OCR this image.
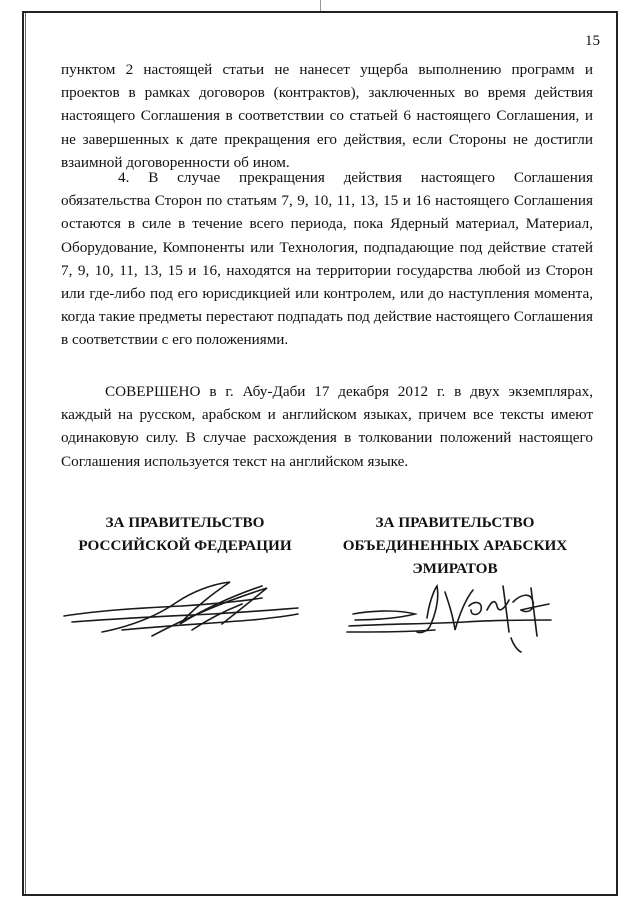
15
пунктом 2 настоящей статьи не нанесет ущерба выполнению программ и проектов в рамках договоров (контрактов), заключенных во время действия настоящего Соглашения в соответствии со статьей 6 настоящего Соглашения, и не завершенных к дате прекращения его действия, если Стороны не достигли взаимной договоренности об ином.
4. В случае прекращения действия настоящего Соглашения обязательства Сторон по статьям 7, 9, 10, 11, 13, 15 и 16 настоящего Соглашения остаются в силе в течение всего периода, пока Ядерный материал, Материал, Оборудование, Компоненты или Технология, подпадающие под действие статей 7, 9, 10, 11, 13, 15 и 16, находятся на территории государства любой из Сторон или где-либо под его юрисдикцией или контролем, или до наступления момента, когда такие предметы перестают подпадать под действие настоящего Соглашения в соответствии с его положениями.
СОВЕРШЕНО в г. Абу-Даби 17 декабря 2012 г. в двух экземплярах, каждый на русском, арабском и английском языках, причем все тексты имеют одинаковую силу. В случае расхождения в толковании положений настоящего Соглашения используется текст на английском языке.
ЗА ПРАВИТЕЛЬСТВО
РОССИЙСКОЙ ФЕДЕРАЦИИ
ЗА ПРАВИТЕЛЬСТВО
ОБЪЕДИНЕННЫХ АРАБСКИХ
ЭМИРАТОВ
